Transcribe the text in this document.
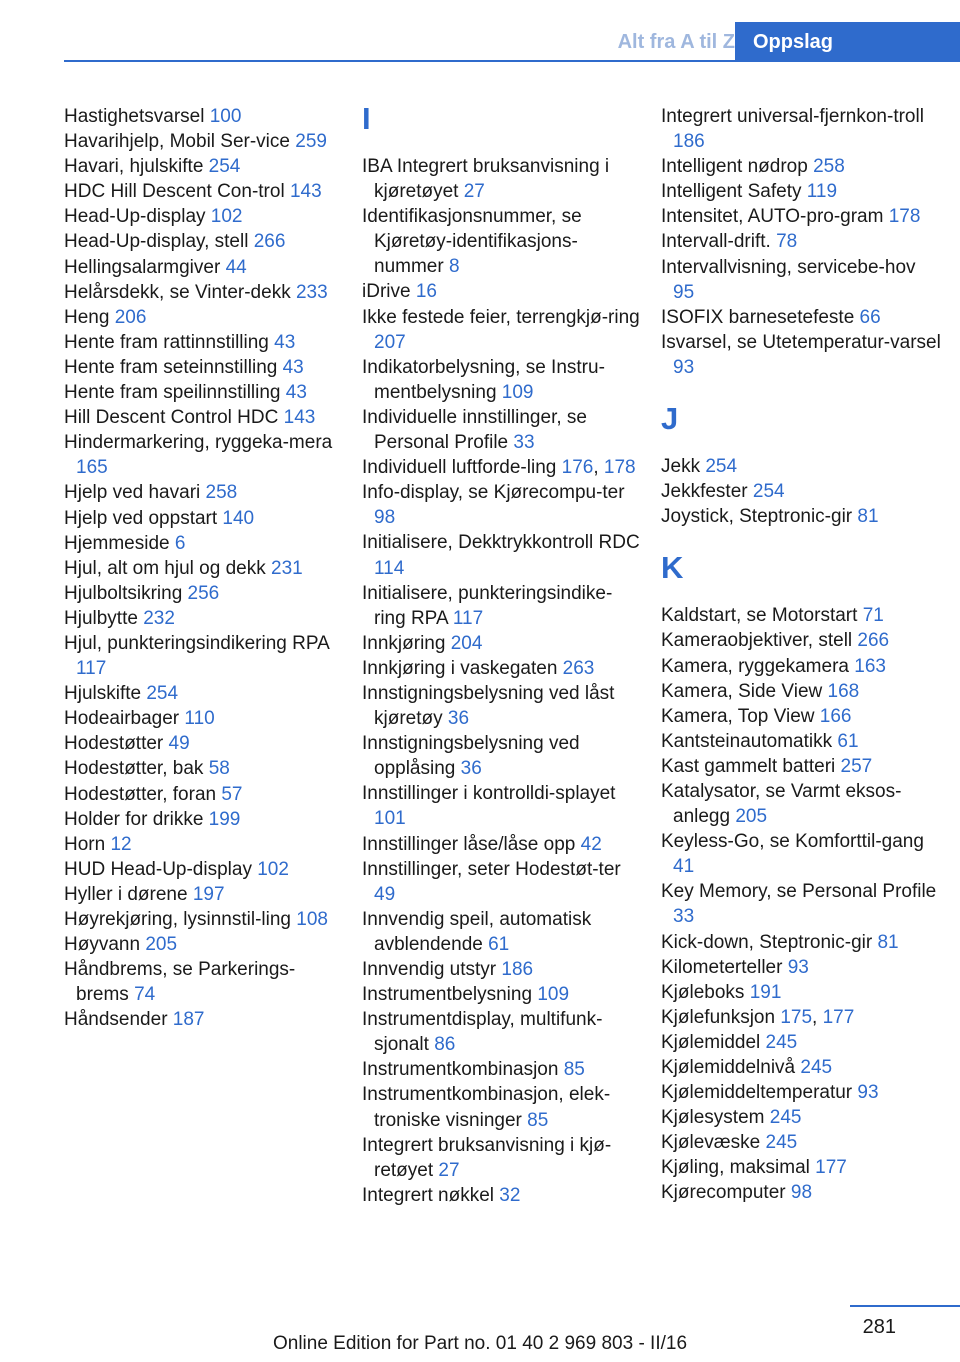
Alt fra A til Z Oppslag
Hastighetsvarsel 100
Havarihjelp, Mobil Ser-vice 259
Havari, hjulskifte 254
HDC Hill Descent Con-trol 143
Head-Up-display 102
Head-Up-display, stell 266
Hellingsalarmgiver 44
Helårsdekk, se Vinter-dekk 233
Heng 206
Hente fram rattinnstilling 43
Hente fram seteinnstilling 43
Hente fram speilinnstilling 43
Hill Descent Control HDC 143
Hindermarkering, ryggeka-mera 165
Hjelp ved havari 258
Hjelp ved oppstart 140
Hjemmeside 6
Hjul, alt om hjul og dekk 231
Hjulboltsikring 256
Hjulbytte 232
Hjul, punkteringsindikering RPA 117
Hjulskifte 254
Hodeairbager 110
Hodestøtter 49
Hodestøtter, bak 58
Hodestøtter, foran 57
Holder for drikke 199
Horn 12
HUD Head-Up-display 102
Hyller i dørene 197
Høyrekjøring, lysinnstil-ling 108
Høyvann 205
Håndbrems, se Parkerings-brems 74
Håndsender 187
I
IBA Integrert bruksanvisning i kjøretøyet 27
Identifikasjonsnummer, se Kjøretøy-identifikasjons-nummer 8
iDrive 16
Ikke festede feier, terrengkjø-ring 207
Indikatorbelysning, se Instru-mentbelysning 109
Individuelle innstillinger, se Personal Profile 33
Individuell luftforde-ling 176, 178
Info-display, se Kjørecompu-ter 98
Initialisere, Dekktrykkontroll RDC 114
Initialisere, punkteringsindike-ring RPA 117
Innkjøring 204
Innkjøring i vaskegaten 263
Innstigningsbelysning ved låst kjøretøy 36
Innstigningsbelysning ved opplåsing 36
Innstillinger i kontrolldi-splayet 101
Innstillinger låse/låse opp 42
Innstillinger, seter Hodestøt-ter 49
Innvendig speil, automatisk avblendende 61
Innvendig utstyr 186
Instrumentbelysning 109
Instrumentdisplay, multifunk-sjonalt 86
Instrumentkombinasjon 85
Instrumentkombinasjon, elek-troniske visninger 85
Integrert bruksanvisning i kjø-retøyet 27
Integrert nøkkel 32
Integrert universal-fjernkon-troll 186
Intelligent nødrop 258
Intelligent Safety 119
Intensitet, AUTO-pro-gram 178
Intervall-drift. 78
Intervallvisning, servicebe-hov 95
ISOFIX barnesetefeste 66
Isvarsel, se Utetemperatur-varsel 93
J
Jekk 254
Jekkfester 254
Joystick, Steptronic-gir 81
K
Kaldstart, se Motorstart 71
Kameraobjektiver, stell 266
Kamera, ryggekamera 163
Kamera, Side View 168
Kamera, Top View 166
Kantsteinautomatikk 61
Kast gammelt batteri 257
Katalysator, se Varmt eksos-anlegg 205
Keyless-Go, se Komforttil-gang 41
Key Memory, se Personal Profile 33
Kick-down, Steptronic-gir 81
Kilometerteller 93
Kjøleboks 191
Kjølefunksjon 175, 177
Kjølemiddel 245
Kjølemiddelnivå 245
Kjølemiddeltemperatur 93
Kjølesystem 245
Kjølevæske 245
Kjøling, maksimal 177
Kjørecomputer 98
281
Online Edition for Part no. 01 40 2 969 803 - II/16
